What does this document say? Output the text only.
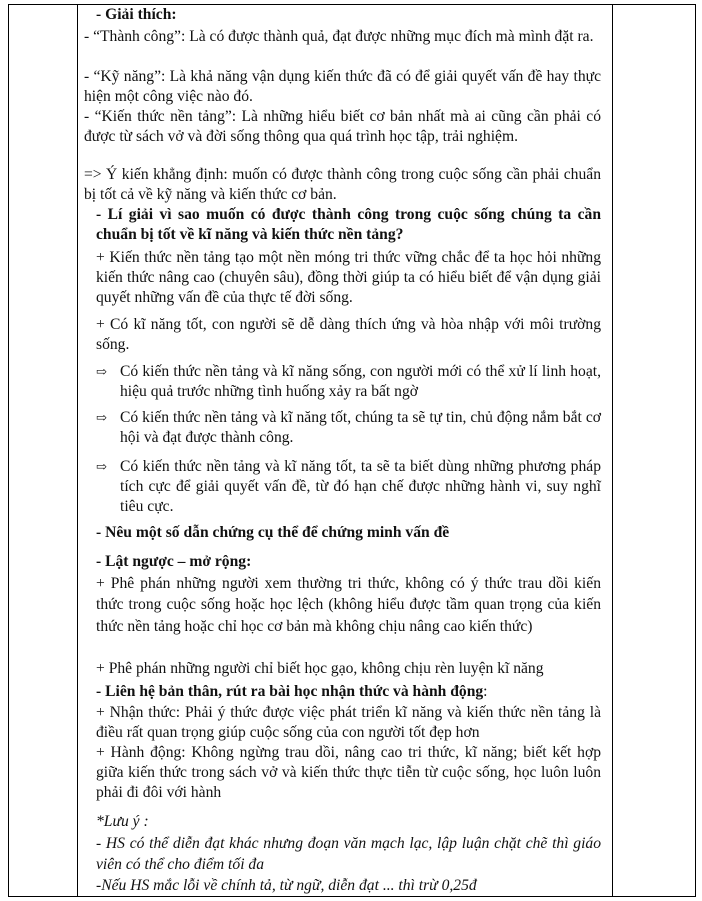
- Giải thích:

- “Thành công”: Là có được thành quả, đạt được những mục đích mà mình đặt ra.

- “Kỹ năng”: Là khả năng vận dụng kiến thức đã có để giải quyết vấn đề hay thực hiện một công việc nào đó.

- “Kiến thức nền tảng”: Là những hiểu biết cơ bản nhất mà ai cũng cần phải có được từ sách vở và đời sống thông qua quá trình học tập, trải nghiệm.

=> Ý kiến khẳng định: muốn có được thành công trong cuộc sống cần phải chuẩn bị tốt cả về kỹ năng và kiến thức cơ bản.

- Lí giải vì sao muốn có được thành công trong cuộc sống chúng ta cần chuẩn bị tốt về kĩ năng và kiến thức nền tảng?

+ Kiến thức nền tảng tạo một nền móng tri thức vững chắc để ta học hỏi những kiến thức nâng cao (chuyên sâu), đồng thời giúp ta có hiểu biết để vận dụng giải quyết những vấn đề của thực tế đời sống.

+ Có kĩ năng tốt, con người sẽ dễ dàng thích ứng và hòa nhập với môi trường sống.

⇨ Có kiến thức nền tảng và kĩ năng sống, con người mới có thể xử lí linh hoạt, hiệu quả trước những tình huống xảy ra bất ngờ
⇨ Có kiến thức nền tảng và kĩ năng tốt, chúng ta sẽ tự tin, chủ động nắm bắt cơ hội và đạt được thành công.
⇨ Có kiến thức nền tảng và kĩ năng tốt, ta sẽ ta biết dùng những phương pháp tích cực để giải quyết vấn đề, từ đó hạn chế được những hành vi, suy nghĩ tiêu cực.

- Nêu một số dẫn chứng cụ thể để chứng minh vấn đề

- Lật ngược – mở rộng:

+ Phê phán những người xem thường tri thức, không có ý thức trau dồi kiến thức trong cuộc sống hoặc học lệch (không hiểu được tầm quan trọng của kiến thức nền tảng hoặc chỉ học cơ bản mà không chịu nâng cao kiến thức)

+ Phê phán những người chỉ biết học gạo, không chịu rèn luyện kĩ năng

- Liên hệ bản thân, rút ra bài học nhận thức và hành động:

+ Nhận thức: Phải ý thức được việc phát triển kĩ năng và kiến thức nền tảng là điều rất quan trọng giúp cuộc sống của con người tốt đẹp hơn

+ Hành động: Không ngừng trau dồi, nâng cao tri thức, kĩ năng; biết kết hợp giữa kiến thức trong sách vở và kiến thức thực tiễn từ cuộc sống, học luôn luôn phải đi đôi với hành

*Lưu ý :

- HS có thể diễn đạt khác nhưng đoạn văn mạch lạc, lập luận chặt chẽ thì giáo viên có thể cho điểm tối đa

-Nếu HS mắc lỗi về chính tả, từ ngữ, diễn đạt ... thì trừ 0,25đ
